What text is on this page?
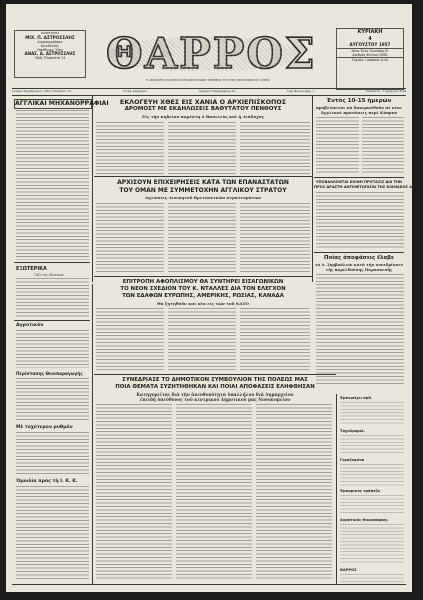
ΙΔΙΟΚΤΗΤΗΣ
ΜΙΧ. Π. ΑΣΤΡΟΣΣΛΗΣ
Δημοσιογράφος
Διευθυντής
Υπεύθυνος Ύλης
ΑΝΑΣ. Δ. ΑΣΤΡΟΣΣΛΗΣ
Οδός Πλαπούτα 14 ΘΑΡΡΟΣ
Η ΑΡΧΑΙΟΤΕΡΑ ΠΟΛΙΤΙΚΗ ΚΑΙ ΕΙΔΗΣΕΟΓΡΑΦΙΚΗ ΕΦΗΜΕΡΙΣ ΤΗ ΔΥΤΙΚΗ ΠΕΛΟΠΟΝΝΗΣΟΥ ΑΡΧΕΙΟ
ΚΥΡΙΑΚΗ
4
ΑΥΓΟΥΣΤΟΥ 1957
Νέον Έτος Περίοδος Β'
Αριθμός Φύλλου 5062
Ταχυδρ. Γραφείου 6-40
Γραφεία Διευθύνσεως: Οδός Πλαπούτα 14	Τηλέφ. Καλαμάτα	Γραφεία Τυπογραφείου 16	Τιμή Φύλλου Δρχ. 1	Καλαμάτα - Τηλέφωνον 6-40
ΑΓΓΛΙΚΑΙ ΜΗΧΑΝΟΡΡΑΦΙΑΙ
ΕΞΩΤΕΡΙΚΑ
Ταξί τῆς ἐξωτερικ.
ΕΚΛΟΓΕΥΗ ΧΘΕΣ ΕΙΣ ΧΑΝΙΑ Ο ΑΡΧΙΕΠΙΣΚΟΠΟΣ
ΔΡΟΜΟΣΤ ΜΕ ΕΚΔΗΛΩΣΕΙΣ ΒΑΘΥΤΑΤΟΥ ΠΕΝΘΟΥΣ
Εἰς τὴν κηδείαν παρέστη ὁ Βασιλεὺς καὶ ἡ Διάδοχος
ΑΡΧΙΣΟΥΝ ΕΠΙΧΕΙΡΗΣΕΙΣ ΚΑΤΑ ΤΩΝ ΕΠΑΝΑΣΤΑΤΩΝ
ΤΟΥ ΟΜΑΝ ΜΕ ΣΥΜΜΕΤΟΧΗΝ ΑΓΓΛΙΚΟΥ ΣΤΡΑΤΟΥ
Δηλώσεις Διοικητοῦ Βρεταννικῶν στρατευμάτων
Ἐντὸς 10-15 ἡμερῶν
προβλέπεται νὰ δοκιμασθοῦν αἱ νέαι
Ἀγγλικαὶ προτάσεις περὶ Κύπρου
ΥΠΟΒΑΛΛΟΝΤΑΙ ΚΟΙΝΗ ΠΡΟΤΑΣΙΣ ΔΙΑ ΤΗΝ
ΠΡΟΣ ΔΡΑΣΤΗ ΑΝΤΙΜΕΤΩΠΙΣΙΝ ΤΗΣ ΚΛΙΜΑΚΟΣ ΑΥΤΟΥ
Ποίας ἀποφάσεις ἔλαβε
τὸ Δ. Συμβούλιον κατὰ τὴν συνεδρίασιν
τῆς παρελθούσης Παρασκευῆς
ΕΠΙΤΡΟΠΗ ΑΦΟΠΛΙΣΜΟΥ ΘΑ ΣΥΝΤΗΡΕΙ ΕΙΣΑΓΩΝΙΚΩΝ
ΤΟ ΝΕΟΝ ΣΧΕΔΙΟΝ ΤΟΥ Κ. ΝΤΑΛΛΕΣ ΔΙΑ ΤΟΝ ΕΛΕΓΧΟΝ
ΤΩΝ ΕΔΑΦΩΝ ΕΥΡΩΠΗΣ, ΑΜΕΡΙΚΗΣ, ΡΩΣΙΑΣ, ΚΑΝΑΔΑ
Θὰ ζητηθοῦν καὶ νέα εἰς τῶν τοῦ ΝΑΤΟ
ΣΥΝΕΔΡΙΑΣΕ ΤΟ ΔΗΜΟΤΙΚΟΝ ΣΥΜΒΟΥΛΙΟΝ ΤΗΣ ΠΟΛΕΩΣ ΜΑΣ
ΠΟΙΑ ΘΕΜΑΤΑ ΣΥΖΗΤΗΘΗΚΑΝ ΚΑΙ ΠΟΙΑΙ ΑΠΟΦΑΣΕΙΣ ΕΛΗΦΘΗΣΑΝ
Κατηγορεῖται διὰ τὴν ἀνευθυνότητα ὑπαλλήλου διὰ Δημαρχείου
ἐπειδὴ ὑπεύθυνος τοῦ κεντρικοῦ Δημοτικοῦ μας Νοσοκομείου
Αγροτικόν
Περίστασης Θειοπαραγωγής
Μὲ τοχύτερον ρυθμόν
Ὁμοιλία πρὸς τὴ Ι. Κ. Κ.
Ἐμπεριέχει ἀρθ.
Τοχυδρομικ.
Γεραζαφάνα
Ἐμπορικός τράπεζα
Αγροτικός θειαιοπαραγ.
ΘΑΡΡΟΣ
